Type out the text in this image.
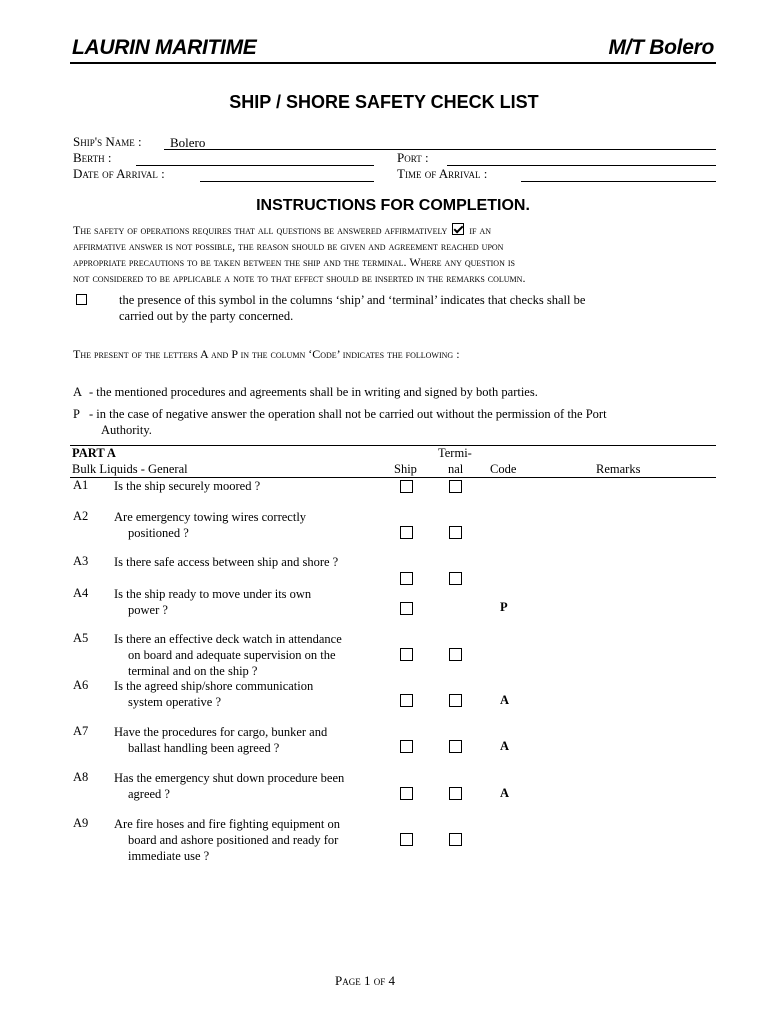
LAURIN MARITIME	M/T Bolero
SHIP / SHORE SAFETY CHECK LIST
Ship's Name : Bolero
Berth :	Port :
Date of Arrival :	Time of Arrival :
INSTRUCTIONS FOR COMPLETION.
The safety of operations requires that all questions be answered affirmatively if an
affirmative answer is not possible, the reason should be given and agreement reached upon
appropriate precautions to be taken between the ship and the terminal. Where any question is
not considered to be applicable a note to that effect should be inserted in the remarks column.
the presence of this symbol in the columns ‘ship’ and ‘terminal’ indicates that checks shall be
carried out by the party concerned.
The present of the letters A and P in the column ‘Code’ indicates the following :
A - the mentioned procedures and agreements shall be in writing and signed by both parties.
P - in the case of negative answer the operation shall not be carried out without the permission of the Port
Authority.
PART A	Termi-
Bulk Liquids - General	Ship nal Code	Remarks
A1 Is the ship securely moored ?
A2 Are emergency towing wires correctly
positioned ?
A3 Is there safe access between ship and shore ?
A4 Is the ship ready to move under its own
power ?	P
A5 Is there an effective deck watch in attendance
on board and adequate supervision on the
terminal and on the ship ?
A6 Is the agreed ship/shore communication
system operative ?	A
A7 Have the procedures for cargo, bunker and
ballast handling been agreed ?	A
A8 Has the emergency shut down procedure been
agreed ?	A
A9 Are fire hoses and fire fighting equipment on
board and ashore positioned and ready for
immediate use ?
Page 1 of 4
